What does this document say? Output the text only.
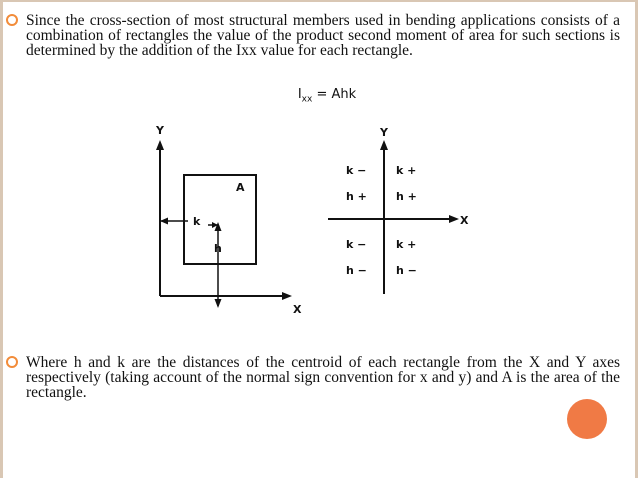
Since the cross-section of most structural members used in bending applications consists of a combination of rectangles the value of the product second moment of area for such sections is determined by the addition of the Ixx value for each rectangle.
$I_{xx}$ = Ahk
Y
X
A
k
h
Y
X
k −
h +
k +
h +
k −
h −
k +
h −
Where h and k are the distances of the centroid of each rectangle from the X and Y axes respectively (taking account of the normal sign convention for x and y) and A is the area of the rectangle.
